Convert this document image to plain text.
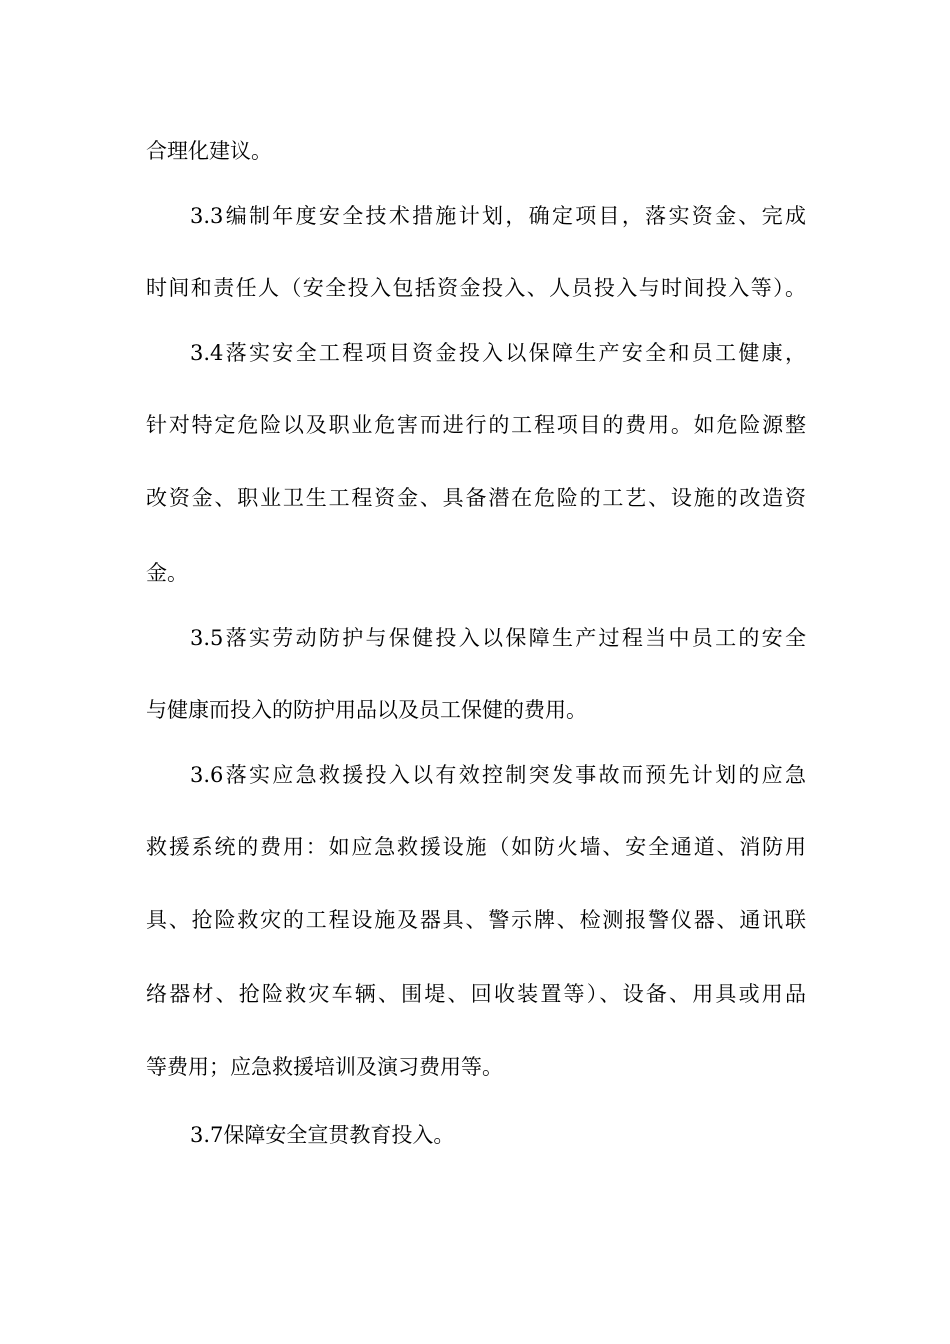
合理化建议。
3.3编制年度安全技术措施计划，确定项目，落实资金、完成
时间和责任人（安全投入包括资金投入、人员投入与时间投入等）。
3.4落实安全工程项目资金投入以保障生产安全和员工健康，
针对特定危险以及职业危害而进行的工程项目的费用。如危险源整
改资金、职业卫生工程资金、具备潜在危险的工艺、设施的改造资
金。
3.5落实劳动防护与保健投入以保障生产过程当中员工的安全
与健康而投入的防护用品以及员工保健的费用。
3.6落实应急救援投入以有效控制突发事故而预先计划的应急
救援系统的费用：如应急救援设施（如防火墙、安全通道、消防用
具、抢险救灾的工程设施及器具、警示牌、检测报警仪器、通讯联
络器材、抢险救灾车辆、围堤、回收装置等）、设备、用具或用品
等费用；应急救援培训及演习费用等。
3.7保障安全宣贯教育投入。
